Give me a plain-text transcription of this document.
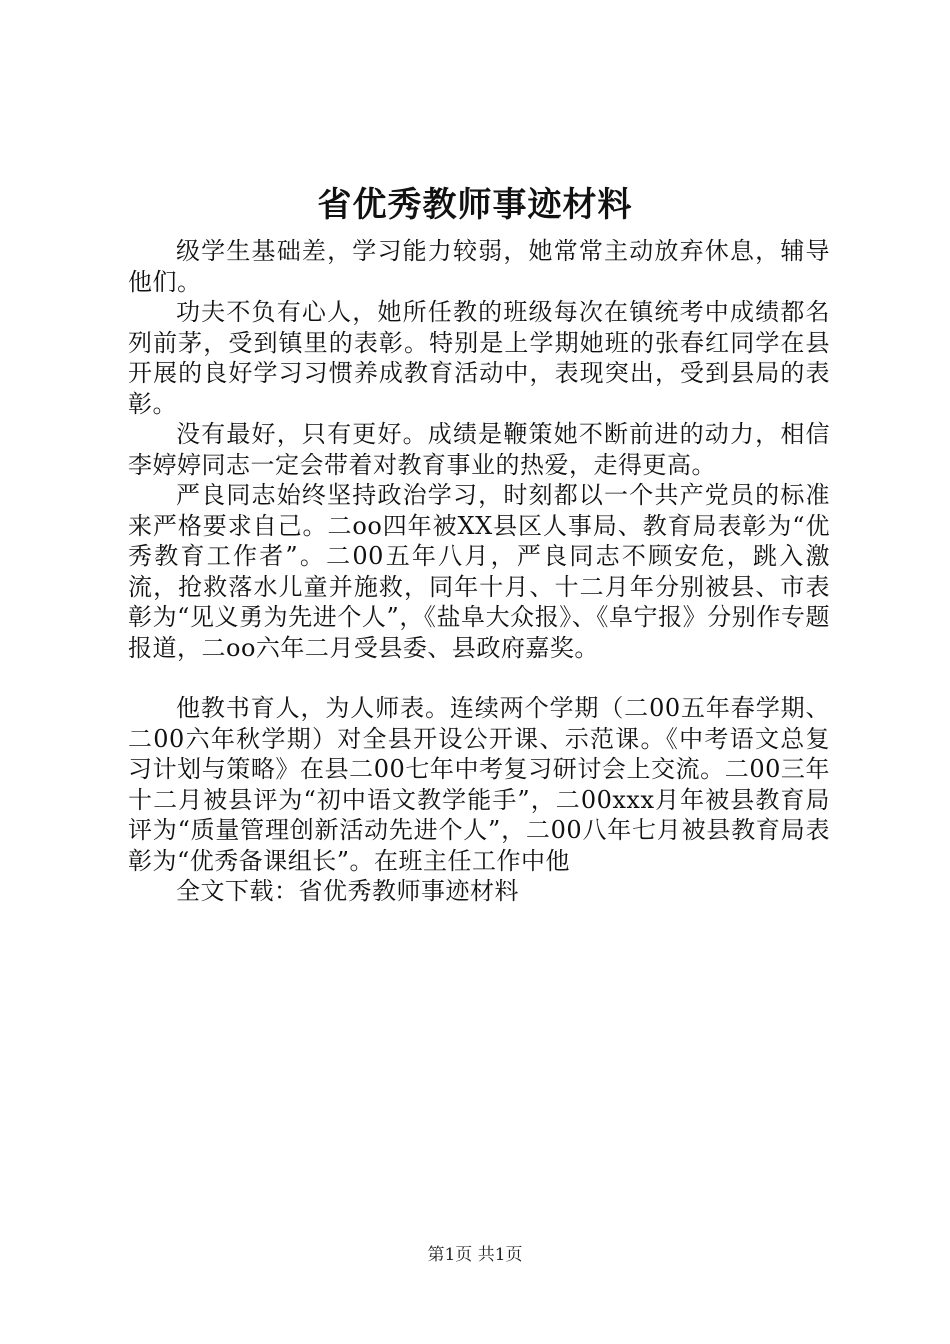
省优秀教师事迹材料

级学生基础差，学习能力较弱，她常常主动放弃休息，辅导他们。

功夫不负有心人，她所任教的班级每次在镇统考中成绩都名列前茅，受到镇里的表彰。特别是上学期她班的张春红同学在县开展的良好学习习惯养成教育活动中，表现突出，受到县局的表彰。

没有最好，只有更好。成绩是鞭策她不断前进的动力，相信李婷婷同志一定会带着对教育事业的热爱，走得更高。

严良同志始终坚持政治学习，时刻都以一个共产党员的标准来严格要求自己。二oo四年被XX县区人事局、教育局表彰为“优秀教育工作者”。二00五年八月，严良同志不顾安危，跳入激流，抢救落水儿童并施救，同年十月、十二月年分别被县、市表彰为“见义勇为先进个人”，《盐阜大众报》、《阜宁报》分别作专题报道，二oo六年二月受县委、县政府嘉奖。

他教书育人，为人师表。连续两个学期（二00五年春学期、二00六年秋学期）对全县开设公开课、示范课。《中考语文总复习计划与策略》在县二00七年中考复习研讨会上交流。二00三年十二月被县评为“初中语文教学能手”，二00xxx月年被县教育局评为“质量管理创新活动先进个人”，二00八年七月被县教育局表彰为“优秀备课组长”。在班主任工作中他

全文下载：省优秀教师事迹材料

第1页 共1页
